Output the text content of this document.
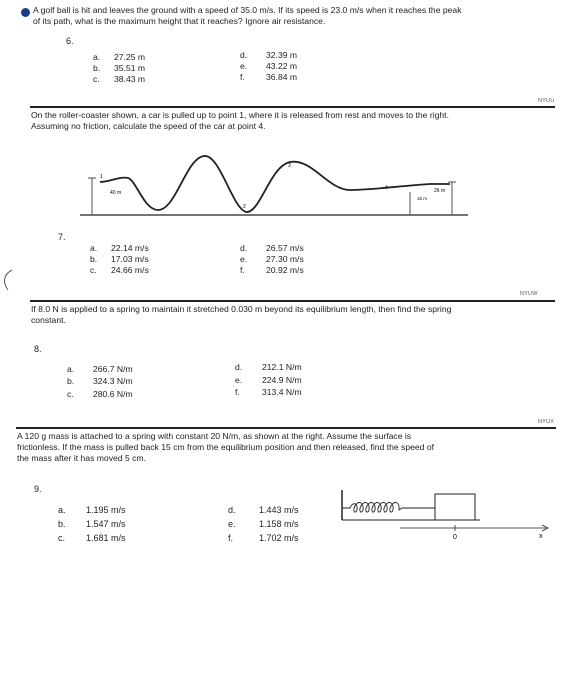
A golf ball is hit and leaves the ground with a speed of 35.0 m/s. If its speed is 23.0 m/s when it reaches the peak
of its path, what is the maximum height that it reaches? Ignore air resistance.
6.
a. 27.25 m
b. 35.51 m
c. 38.43 m
d. 32.39 m
e. 43.22 m
f. 36.84 m
NYUU
On the roller-coaster shown, a car is pulled up to point 1, where it is released from rest and moves to the right.
Assuming no friction, calculate the speed of the car at point 4.
40 m
1
2
3
4
15 m
26 m
7.
a. 22.14 m/s
b. 17.03 m/s
c. 24.66 m/s
d. 26.57 m/s
e. 27.30 m/s
f. 20.92 m/s
NYUW
If 8.0 N is applied to a spring to maintain it stretched 0.030 m beyond its equilibrium length, then find the spring
constant.
8.
a. 266.7 N/m
b. 324.3 N/m
c. 280.6 N/m
d. 212.1 N/m
e. 224.9 N/m
f.	313.4 N/m
NYUX
A 120 g mass is attached to a spring with constant 20 N/m, as shown at the right. Assume the surface is
frictionless. If the mass is pulled back 15 cm from the equilibrium position and then released, find the speed of
the mass after it has moved 5 cm.
9.
a. 1.195 m/s
b. 1.547 m/s
c. 1.681 m/s
d.	1.443 m/s
e.	1.158 m/s
f.	1.702 m/s	0	x
